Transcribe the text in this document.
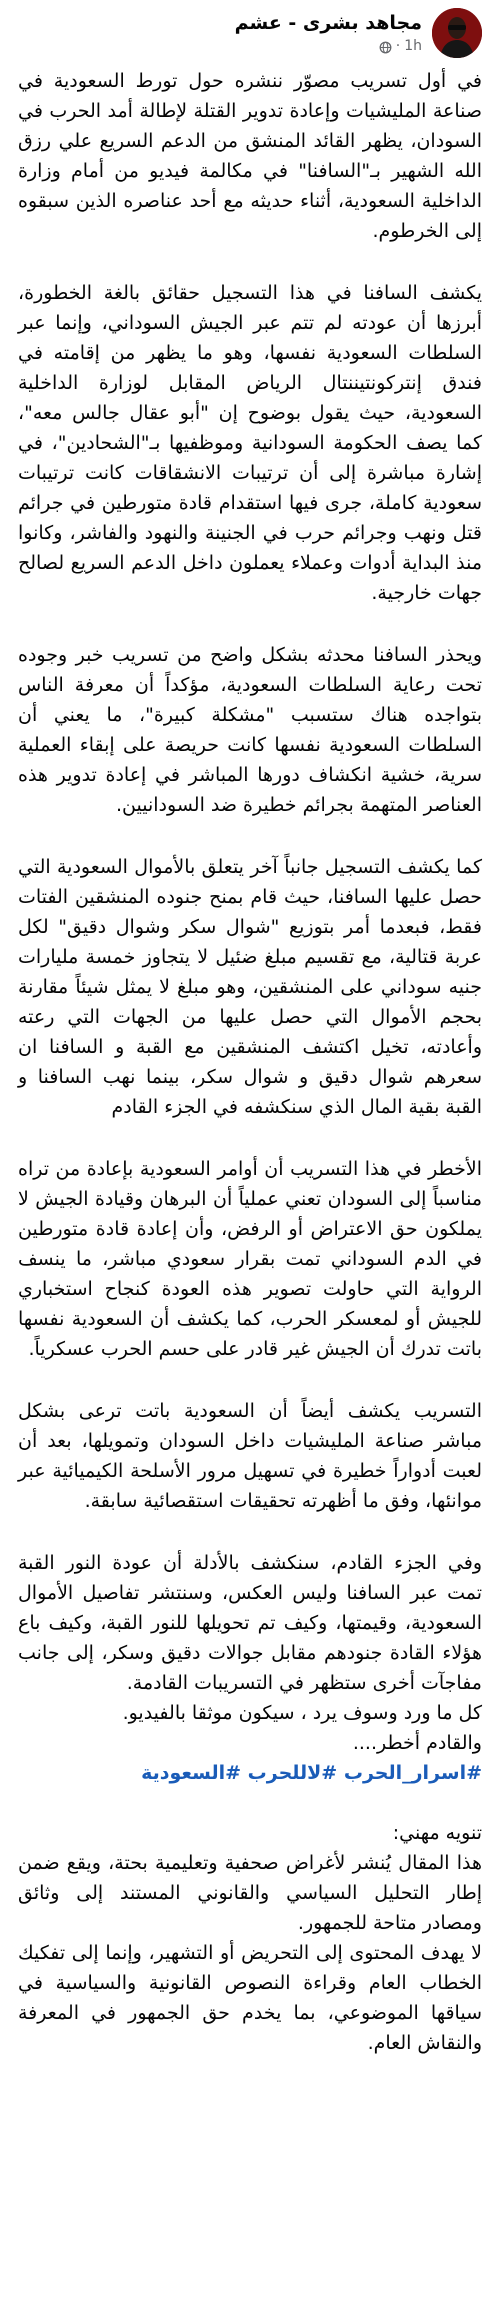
مجاهد بشرى - عشم
· 1h

في أول تسريب مصوّر ننشره حول تورط السعودية في صناعة المليشيات وإعادة تدوير القتلة لإطالة أمد الحرب في السودان، يظهر القائد المنشق من الدعم السريع علي رزق الله الشهير بـ"السافنا" في مكالمة فيديو من أمام وزارة الداخلية السعودية، أثناء حديثه مع أحد عناصره الذين سبقوه إلى الخرطوم.

يكشف السافنا في هذا التسجيل حقائق بالغة الخطورة، أبرزها أن عودته لم تتم عبر الجيش السوداني، وإنما عبر السلطات السعودية نفسها، وهو ما يظهر من إقامته في فندق إنتركونتيننتال الرياض المقابل لوزارة الداخلية السعودية، حيث يقول بوضوح إن "أبو عقال جالس معه"، كما يصف الحكومة السودانية وموظفيها بـ"الشحادين"، في إشارة مباشرة إلى أن ترتيبات الانشقاقات كانت ترتيبات سعودية كاملة، جرى فيها استقدام قادة متورطين في جرائم قتل ونهب وجرائم حرب في الجنينة والنهود والفاشر، وكانوا منذ البداية أدوات وعملاء يعملون داخل الدعم السريع لصالح جهات خارجية.

ويحذر السافنا محدثه بشكل واضح من تسريب خبر وجوده تحت رعاية السلطات السعودية، مؤكداً أن معرفة الناس بتواجده هناك ستسبب "مشكلة كبيرة"، ما يعني أن السلطات السعودية نفسها كانت حريصة على إبقاء العملية سرية، خشية انكشاف دورها المباشر في إعادة تدوير هذه العناصر المتهمة بجرائم خطيرة ضد السودانيين.

كما يكشف التسجيل جانباً آخر يتعلق بالأموال السعودية التي حصل عليها السافنا، حيث قام بمنح جنوده المنشقين الفتات فقط، فبعدما أمر بتوزيع "شوال سكر وشوال دقيق" لكل عربة قتالية، مع تقسيم مبلغ ضئيل لا يتجاوز خمسة مليارات جنيه سوداني على المنشقين، وهو مبلغ لا يمثل شيئاً مقارنة بحجم الأموال التي حصل عليها من الجهات التي رعته وأعادته، تخيل اكتشف المنشقين مع القبة و السافنا ان سعرهم شوال دقيق و شوال سكر، بينما نهب السافنا و القبة بقية المال الذي سنكشفه في الجزء القادم

الأخطر في هذا التسريب أن أوامر السعودية بإعادة من تراه مناسباً إلى السودان تعني عملياً أن البرهان وقيادة الجيش لا يملكون حق الاعتراض أو الرفض، وأن إعادة قادة متورطين في الدم السوداني تمت بقرار سعودي مباشر، ما ينسف الرواية التي حاولت تصوير هذه العودة كنجاح استخباري للجيش أو لمعسكر الحرب، كما يكشف أن السعودية نفسها باتت تدرك أن الجيش غير قادر على حسم الحرب عسكرياً.

التسريب يكشف أيضاً أن السعودية باتت ترعى بشكل مباشر صناعة المليشيات داخل السودان وتمويلها، بعد أن لعبت أدواراً خطيرة في تسهيل مرور الأسلحة الكيميائية عبر موانئها، وفق ما أظهرته تحقيقات استقصائية سابقة.

وفي الجزء القادم، سنكشف بالأدلة أن عودة النور القبة تمت عبر السافنا وليس العكس، وسنتشر تفاصيل الأموال السعودية، وقيمتها، وكيف تم تحويلها للنور القبة، وكيف باع هؤلاء القادة جنودهم مقابل جوالات دقيق وسكر، إلى جانب مفاجآت أخرى ستظهر في التسريبات القادمة.
كل ما ورد وسوف يرد ، سيكون موثقا بالفيديو.
والقادم أخطر....
#اسرار_الحرب

#لاللحرب

#السعودية
تنويه مهني:
هذا المقال يُنشر لأغراض صحفية وتعليمية بحتة، ويقع ضمن إطار التحليل السياسي والقانوني المستند إلى وثائق ومصادر متاحة للجمهور.
لا يهدف المحتوى إلى التحريض أو التشهير، وإنما إلى تفكيك الخطاب العام وقراءة النصوص القانونية والسياسية في سياقها الموضوعي، بما يخدم حق الجمهور في المعرفة والنقاش العام.
